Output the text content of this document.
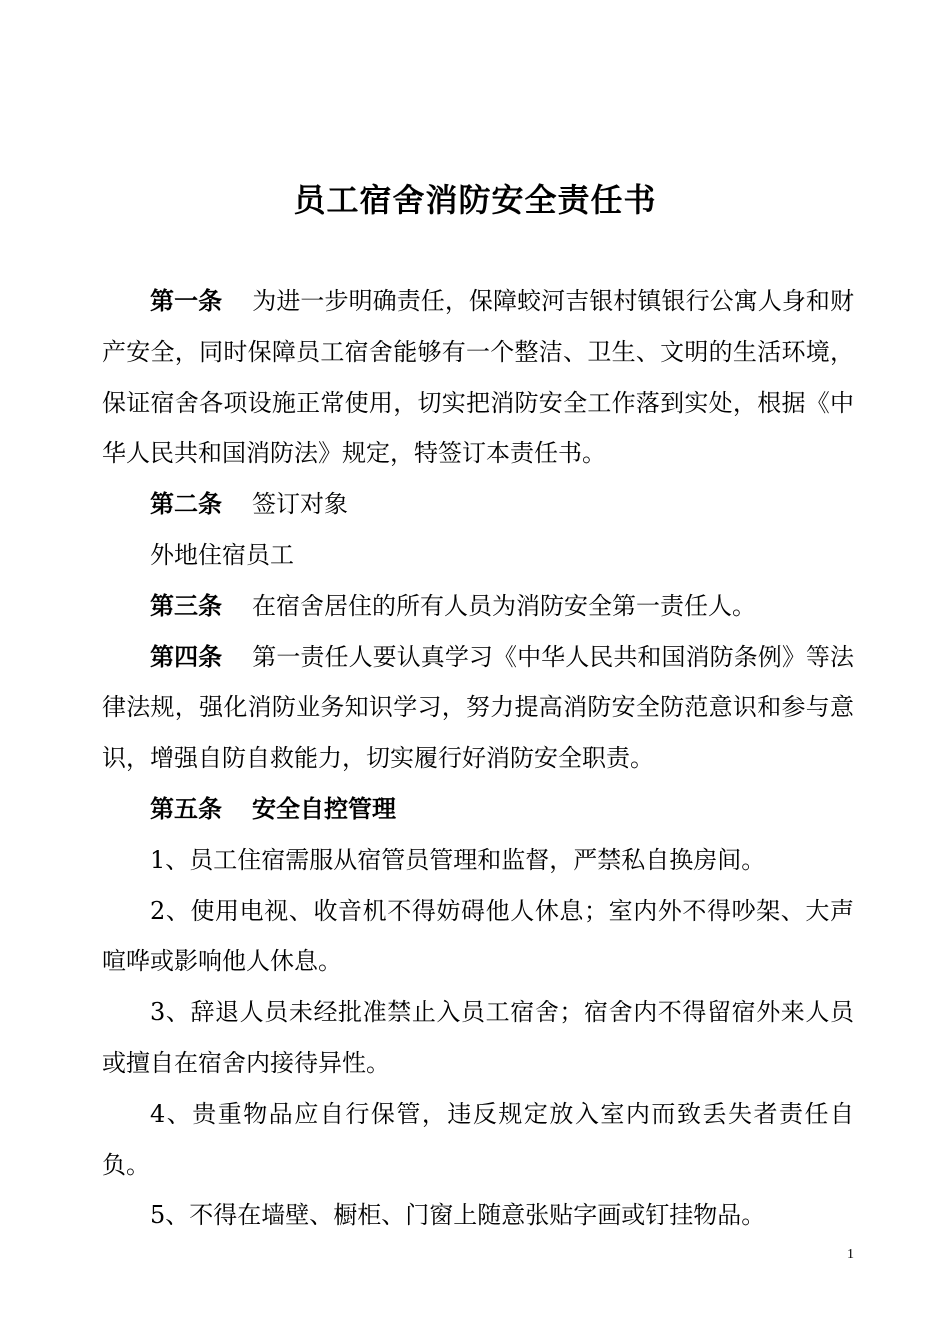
员工宿舍消防安全责任书

第一条 为进一步明确责任，保障蛟河吉银村镇银行公寓人身和财产安全，同时保障员工宿舍能够有一个整洁、卫生、文明的生活环境，保证宿舍各项设施正常使用，切实把消防安全工作落到实处，根据《中华人民共和国消防法》规定，特签订本责任书。

第二条 签订对象

外地住宿员工

第三条 在宿舍居住的所有人员为消防安全第一责任人。

第四条 第一责任人要认真学习《中华人民共和国消防条例》等法律法规，强化消防业务知识学习，努力提高消防安全防范意识和参与意识，增强自防自救能力，切实履行好消防安全职责。

第五条 安全自控管理

1、员工住宿需服从宿管员管理和监督，严禁私自换房间。

2、使用电视、收音机不得妨碍他人休息；室内外不得吵架、大声喧哗或影响他人休息。

3、辞退人员未经批准禁止入员工宿舍；宿舍内不得留宿外来人员或擅自在宿舍内接待异性。

4、贵重物品应自行保管，违反规定放入室内而致丢失者责任自负。

5、不得在墙壁、橱柜、门窗上随意张贴字画或钉挂物品。

1
